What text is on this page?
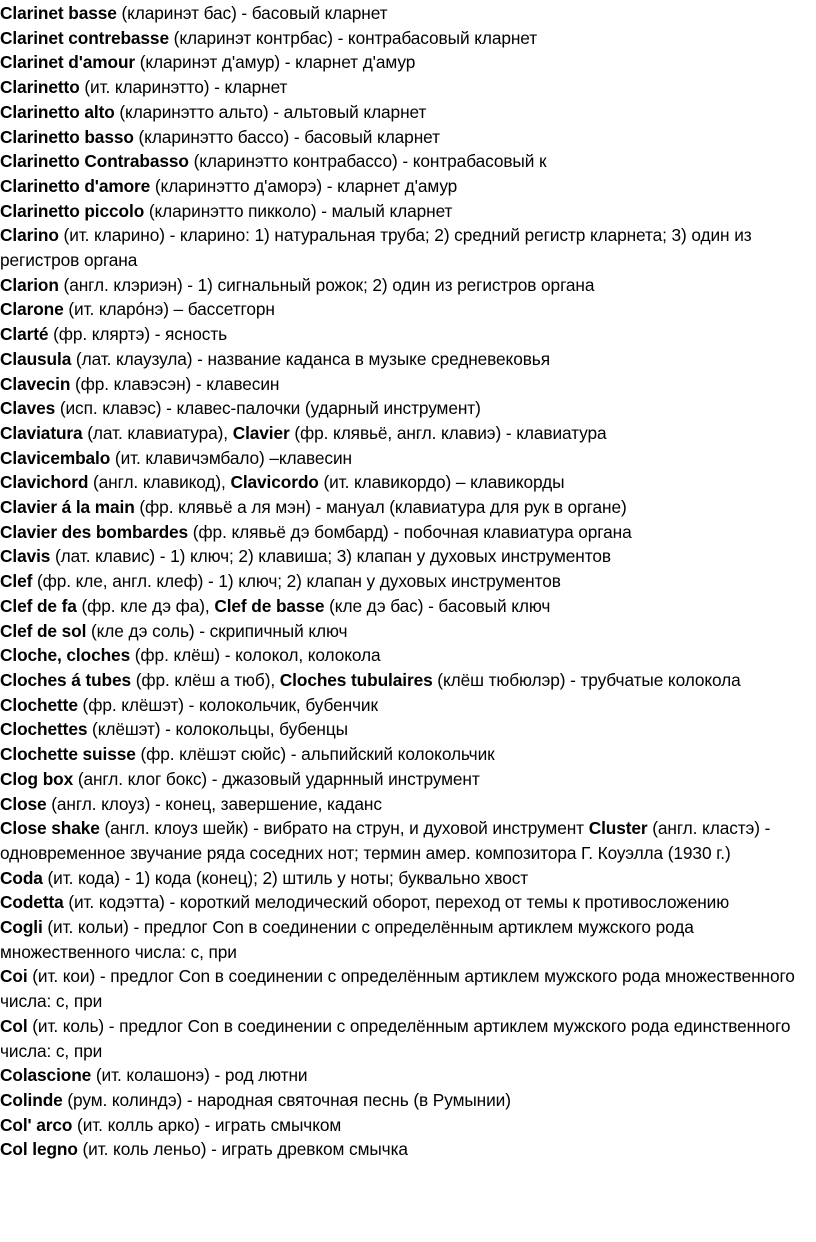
Clarinet basse (кларинэт бас) - басовый кларнет

Clarinet contrebasse (кларинэт контрбас) - контрабасовый кларнет

Clarinet d'amour (кларинэт д'амур) - кларнет д'амур

Clarinetto (ит. кларинэтто) - кларнет

Clarinetto alto (кларинэтто альто) - альтовый кларнет

Clarinetto basso (кларинэтто бассо) - басовый кларнет

Clarinetto Contrabasso (кларинэтто контрабассо) - контрабасовый к

Clarinetto d'amore (кларинэтто д'аморэ) - кларнет д'амур

Clarinetto piccolo (кларинэтто пикколо) - малый кларнет

Clarino (ит. кларино) - кларино: 1) натуральная труба; 2) средний регистр кларнета; 3) один из регистров органа

Clarion (англ. клэриэн) - 1) сигнальный рожок; 2) один из регистров органа

Clarone (ит. кларо́нэ) – бассетгорн

Clarté (фр. кляртэ) - ясность

Clausula (лат. клаузула) - название каданса в музыке средневековья

Clavecin (фр. клавэсэн) - клавесин

Claves (исп. клавэс) - клавес-палочки (ударный инструмент)

Claviatura (лат. клавиатура), Clavier (фр. клявьё, англ. клавиэ) - клавиатура

Clavicembalo (ит. клавичэмбало) –клавесин

Clavichord (англ. клавикод), Clavicordo (ит. клавикордо) – клавикорды

Clavier á la main (фр. клявьё а ля мэн) - мануал (клавиатура для рук в органе)

Clavier des bombardes (фр. клявьё дэ бомбард) - побочная клавиатура органа

Clavis (лат. клавис) - 1) ключ; 2) клавиша; 3) клапан у духовых инструментов

Clef (фр. кле, англ. клеф) - 1) ключ; 2) клапан у духовых инструментов

Clef de fa (фр. кле дэ фа), Clef de basse (кле дэ бас) - басовый ключ

Clef de sol (кле дэ соль) - скрипичный ключ

Cloche, cloches (фр. клёш) - колокол, колокола

Cloches á tubes (фр. клёш а тюб), Cloches tubulaires (клёш тюбюлэр) - трубчатые колокола

Clochette (фр. клёшэт) - колокольчик, бубенчик

Clochettes (клёшэт) - колокольцы, бубенцы

Clochette suisse (фр. клёшэт сюйс) - альпийский колокольчик

Clog box (англ. клог бокс) - джазовый ударнный инструмент

Close (англ. клоуз) - конец, завершение, каданс

Close shake (англ. клоуз шейк) - вибрато на струн, и духовой инструмент Cluster (англ. кластэ) - одновременное звучание ряда соседних нот; термин амер. композитора Г. Коуэлла (1930 г.)

Coda (ит. кода) - 1) кода (конец); 2) штиль у ноты; буквально хвост

Codetta (ит. кодэтта) - короткий мелодический оборот, переход от темы к противосложению

Cogli (ит. кольи) - предлог Con в соединении с определённым артиклем мужского рода множественного числа: с, при

Coi (ит. кои) - предлог Con в соединении с определённым артиклем мужского рода множественного числа: с, при

Col (ит. коль) - предлог Con в соединении с определённым артиклем мужского рода единственного числа: с, при

Colascione (ит. колашонэ) - род лютни

Colinde (рум. колиндэ) - народная святочная песнь (в Румынии)

Col' arco (ит. колль арко) - играть смычком

Col legno (ит. коль леньо) - играть древком смычка
